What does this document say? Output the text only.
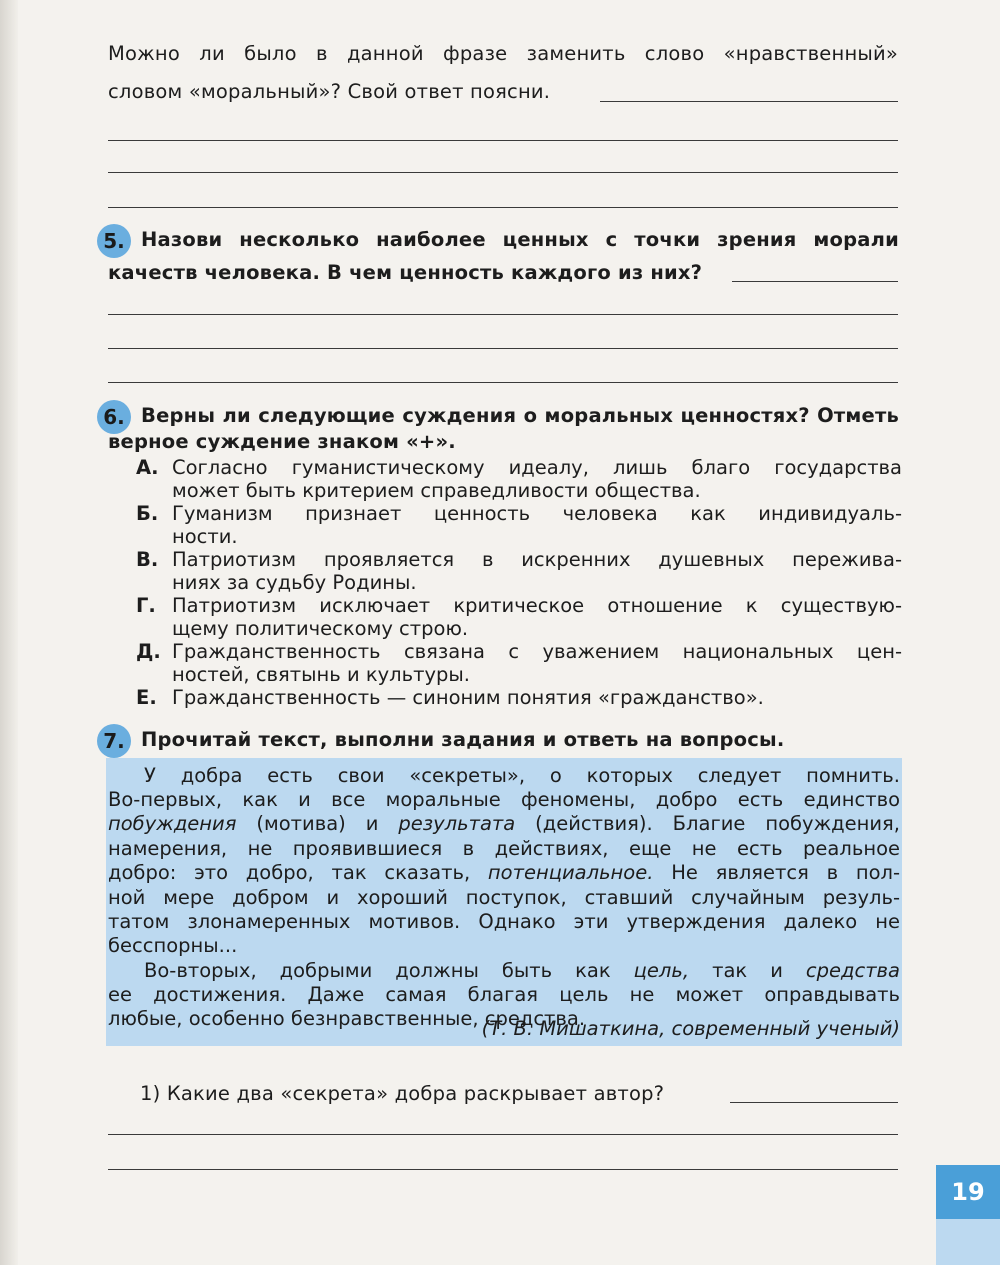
Можно ли было в данной фразе заменить слово «нравственный»
словом «моральный»? Свой ответ поясни.
5. Назови несколько наиболее ценных с точки зрения морали
качеств человека. В чем ценность каждого из них?
6. Верны ли следующие суждения о моральных ценностях? Отметь
верное суждение знаком «+».
А. Согласно гуманистическому идеалу, лишь благо государства
может быть критерием справедливости общества.
Б. Гуманизм признает ценность человека как индивидуаль-
ности.
В. Патриотизм проявляется в искренних душевных пережива-
ниях за судьбу Родины.
Г. Патриотизм исключает критическое отношение к существую-
щему политическому строю.
Д. Гражданственность связана с уважением национальных цен-
ностей, святынь и культуры.
Е. Гражданственность — синоним понятия «гражданство».
7. Прочитай текст, выполни задания и ответь на вопросы.
У добра есть свои «секреты», о которых следует помнить.
Во-первых, как и все моральные феномены, добро есть единство
побуждения (мотива) и результата (действия). Благие побуждения,
намерения, не проявившиеся в действиях, еще не есть реальное
добро: это добро, так сказать, потенциальное. Не является в пол-
ной мере добром и хороший поступок, ставший случайным резуль-
татом злонамеренных мотивов. Однако эти утверждения далеко не
бесспорны...
Во-вторых, добрыми должны быть как цель, так и средства
ее достижения. Даже самая благая цель не может оправдывать
любые, особенно безнравственные, средства.
(Т. В. Мишаткина, современный ученый)
1) Какие два «секрета» добра раскрывает автор?
19
